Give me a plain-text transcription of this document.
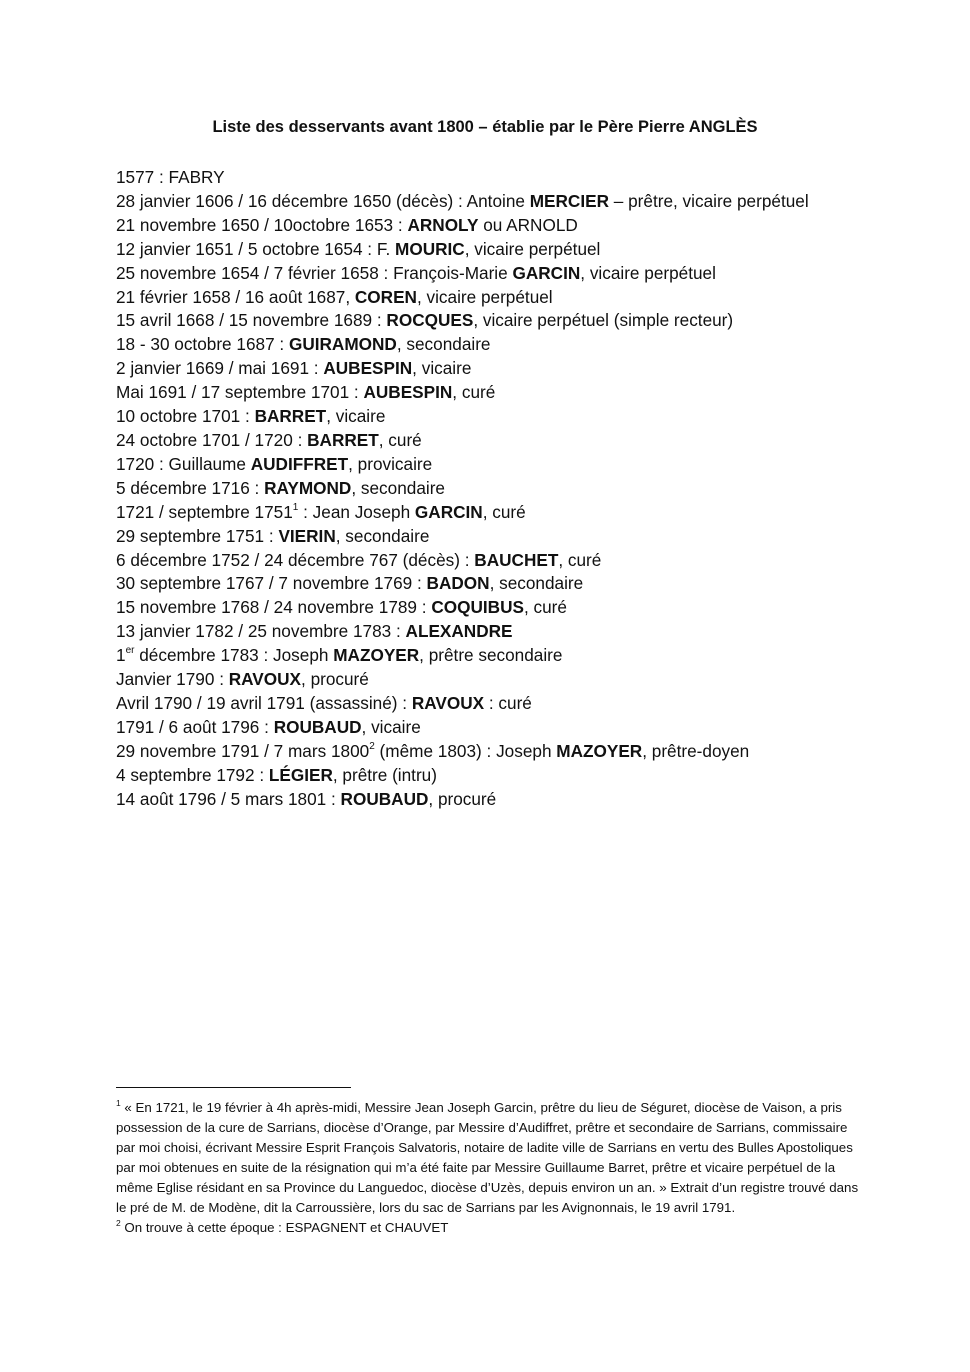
Liste des desservants avant 1800 – établie par le Père Pierre ANGLÈS
1577 : FABRY
28 janvier 1606 / 16 décembre 1650 (décès) : Antoine MERCIER – prêtre, vicaire perpétuel
21 novembre 1650 / 10octobre 1653 : ARNOLY ou ARNOLD
12 janvier 1651 / 5 octobre 1654 : F. MOURIC, vicaire perpétuel
25 novembre 1654 / 7 février 1658 : François-Marie GARCIN, vicaire perpétuel
21 février 1658 / 16 août 1687, COREN, vicaire perpétuel
15 avril 1668 / 15 novembre 1689 : ROCQUES, vicaire perpétuel (simple recteur)
18 - 30 octobre 1687 : GUIRAMOND, secondaire
2 janvier 1669 / mai 1691 : AUBESPIN, vicaire
Mai 1691 / 17 septembre 1701 : AUBESPIN, curé
10 octobre 1701 : BARRET, vicaire
24 octobre 1701 / 1720 : BARRET, curé
1720 : Guillaume AUDIFFRET, provicaire
5 décembre 1716 : RAYMOND, secondaire
1721 / septembre 1751$^1$ : Jean Joseph GARCIN, curé
29 septembre 1751 : VIERIN, secondaire
6 décembre 1752 / 24 décembre 767 (décès) : BAUCHET, curé
30 septembre 1767 / 7 novembre 1769 : BADON, secondaire
15 novembre 1768 / 24 novembre 1789 : COQUIBUS, curé
13 janvier 1782 / 25 novembre 1783 : ALEXANDRE
1er décembre 1783 : Joseph MAZOYER, prêtre secondaire
Janvier 1790 : RAVOUX, procuré
Avril 1790 / 19 avril 1791 (assassiné) : RAVOUX : curé
1791 / 6 août 1796 : ROUBAUD, vicaire
29 novembre 1791 / 7 mars 1800$^2$ (même 1803) : Joseph MAZOYER, prêtre-doyen
4 septembre 1792 : LÉGIER, prêtre (intru)
14 août 1796 / 5 mars 1801 : ROUBAUD, procuré

$^1$ « En 1721, le 19 février à 4h après-midi, Messire Jean Joseph Garcin, prêtre du lieu de Séguret, diocèse de Vaison, a pris possession de la cure de Sarrians, diocèse d’Orange, par Messire d’Audiffret, prêtre et secondaire de Sarrians, commissaire par moi choisi, écrivant Messire Esprit François Salvatoris, notaire de ladite ville de Sarrians en vertu des Bulles Apostoliques par moi obtenues en suite de la résignation qui m’a été faite par Messire Guillaume Barret, prêtre et vicaire perpétuel de la même Eglise résidant en sa Province du Languedoc, diocèse d’Uzès, depuis environ un an. » Extrait d’un registre trouvé dans le pré de M. de Modène, dit la Carroussière, lors du sac de Sarrians par les Avignonnais, le 19 avril 1791.

$^2$ On trouve à cette époque : ESPAGNENT et CHAUVET
